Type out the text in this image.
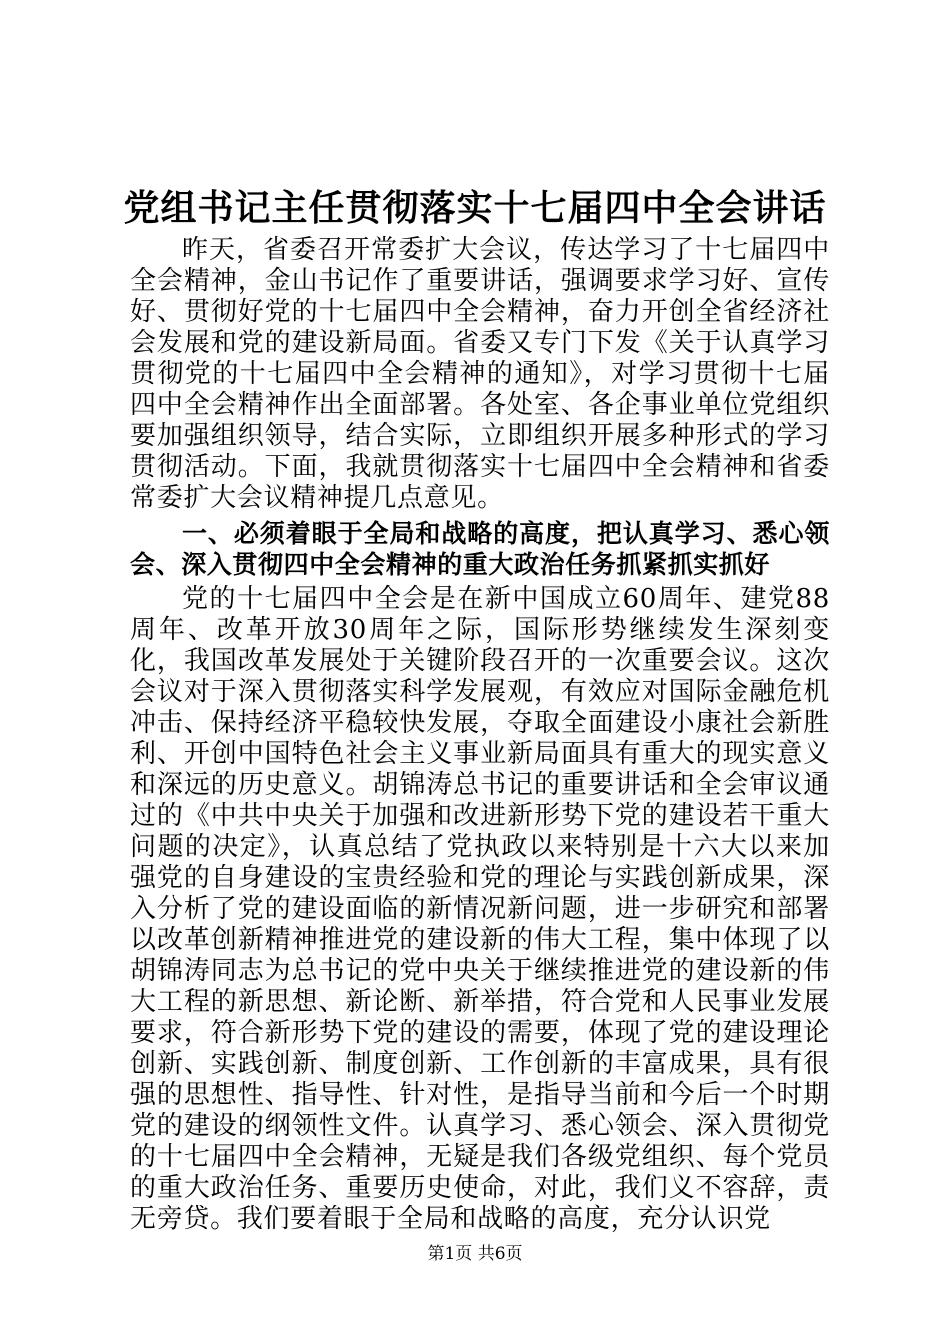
党组书记主任贯彻落实十七届四中全会讲话

昨天，省委召开常委扩大会议，传达学习了十七届四中全会精神，金山书记作了重要讲话，强调要求学习好、宣传好、贯彻好党的十七届四中全会精神，奋力开创全省经济社会发展和党的建设新局面。省委又专门下发《关于认真学习贯彻党的十七届四中全会精神的通知》，对学习贯彻十七届四中全会精神作出全面部署。各处室、各企事业单位党组织要加强组织领导，结合实际，立即组织开展多种形式的学习贯彻活动。下面，我就贯彻落实十七届四中全会精神和省委常委扩大会议精神提几点意见。

一、必须着眼于全局和战略的高度，把认真学习、悉心领会、深入贯彻四中全会精神的重大政治任务抓紧抓实抓好

党的十七届四中全会是在新中国成立60周年、建党88周年、改革开放30周年之际，国际形势继续发生深刻变化，我国改革发展处于关键阶段召开的一次重要会议。这次会议对于深入贯彻落实科学发展观，有效应对国际金融危机冲击、保持经济平稳较快发展，夺取全面建设小康社会新胜利、开创中国特色社会主义事业新局面具有重大的现实意义和深远的历史意义。胡锦涛总书记的重要讲话和全会审议通过的《中共中央关于加强和改进新形势下党的建设若干重大问题的决定》，认真总结了党执政以来特别是十六大以来加强党的自身建设的宝贵经验和党的理论与实践创新成果，深入分析了党的建设面临的新情况新问题，进一步研究和部署以改革创新精神推进党的建设新的伟大工程，集中体现了以胡锦涛同志为总书记的党中央关于继续推进党的建设新的伟大工程的新思想、新论断、新举措，符合党和人民事业发展要求，符合新形势下党的建设的需要，体现了党的建设理论创新、实践创新、制度创新、工作创新的丰富成果，具有很强的思想性、指导性、针对性，是指导当前和今后一个时期党的建设的纲领性文件。认真学习、悉心领会、深入贯彻党的十七届四中全会精神，无疑是我们各级党组织、每个党员的重大政治任务、重要历史使命，对此，我们义不容辞，责无旁贷。我们要着眼于全局和战略的高度，充分认识党

第1页 共6页
